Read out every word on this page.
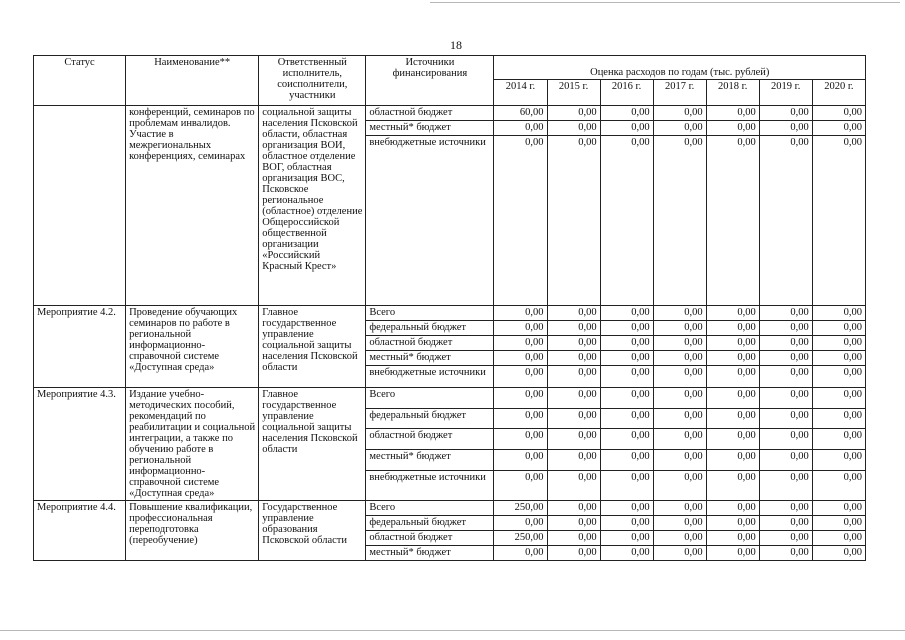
18
Статус	Наименование**	Ответственный исполнитель, соисполнители, участники	Источники финансирования	Оценка расходов по годам (тыс. рублей)						
				2014 г.	2015 г.	2016 г.	2017 г.	2018 г.	2019 г.	2020 г.
	конференций, семинаров по проблемам инвалидов. Участие в межрегиональных конференциях, семинарах	социальной защиты населения Псковской области, областная организация ВОИ, областное отделение ВОГ, областная организация ВОС, Псковское региональное (областное) отделение Общероссийской общественной организации «Российский Красный Крест»	областной бюджет	60,00	0,00	0,00	0,00	0,00	0,00	0,00
			местный* бюджет	0,00	0,00	0,00	0,00	0,00	0,00	0,00
			внебюджетные источники	0,00	0,00	0,00	0,00	0,00	0,00	0,00
Мероприятие 4.2.	Проведение обучающих семинаров по работе в региональной информационно-справочной системе «Доступная среда»	Главное государственное управление социальной защиты населения Псковской области	Всего	0,00	0,00	0,00	0,00	0,00	0,00	0,00
			федеральный бюджет	0,00	0,00	0,00	0,00	0,00	0,00	0,00
			областной бюджет	0,00	0,00	0,00	0,00	0,00	0,00	0,00
			местный* бюджет	0,00	0,00	0,00	0,00	0,00	0,00	0,00
			внебюджетные источники	0,00	0,00	0,00	0,00	0,00	0,00	0,00
Мероприятие 4.3.	Издание учебно-методических пособий, рекомендаций по реабилитации и социальной интеграции, а также по обучению работе в региональной информационно-справочной системе «Доступная среда»	Главное государственное управление социальной защиты населения Псковской области	Всего	0,00	0,00	0,00	0,00	0,00	0,00	0,00
			федеральный бюджет	0,00	0,00	0,00	0,00	0,00	0,00	0,00
			областной бюджет	0,00	0,00	0,00	0,00	0,00	0,00	0,00
			местный* бюджет	0,00	0,00	0,00	0,00	0,00	0,00	0,00
			внебюджетные источники	0,00	0,00	0,00	0,00	0,00	0,00	0,00
Мероприятие 4.4.	Повышение квалификации, профессиональная переподготовка (переобучение)	Государственное управление образования Псковской области	Всего	250,00	0,00	0,00	0,00	0,00	0,00	0,00
			федеральный бюджет	0,00	0,00	0,00	0,00	0,00	0,00	0,00
			областной бюджет	250,00	0,00	0,00	0,00	0,00	0,00	0,00
			местный* бюджет	0,00	0,00	0,00	0,00	0,00	0,00	0,00
